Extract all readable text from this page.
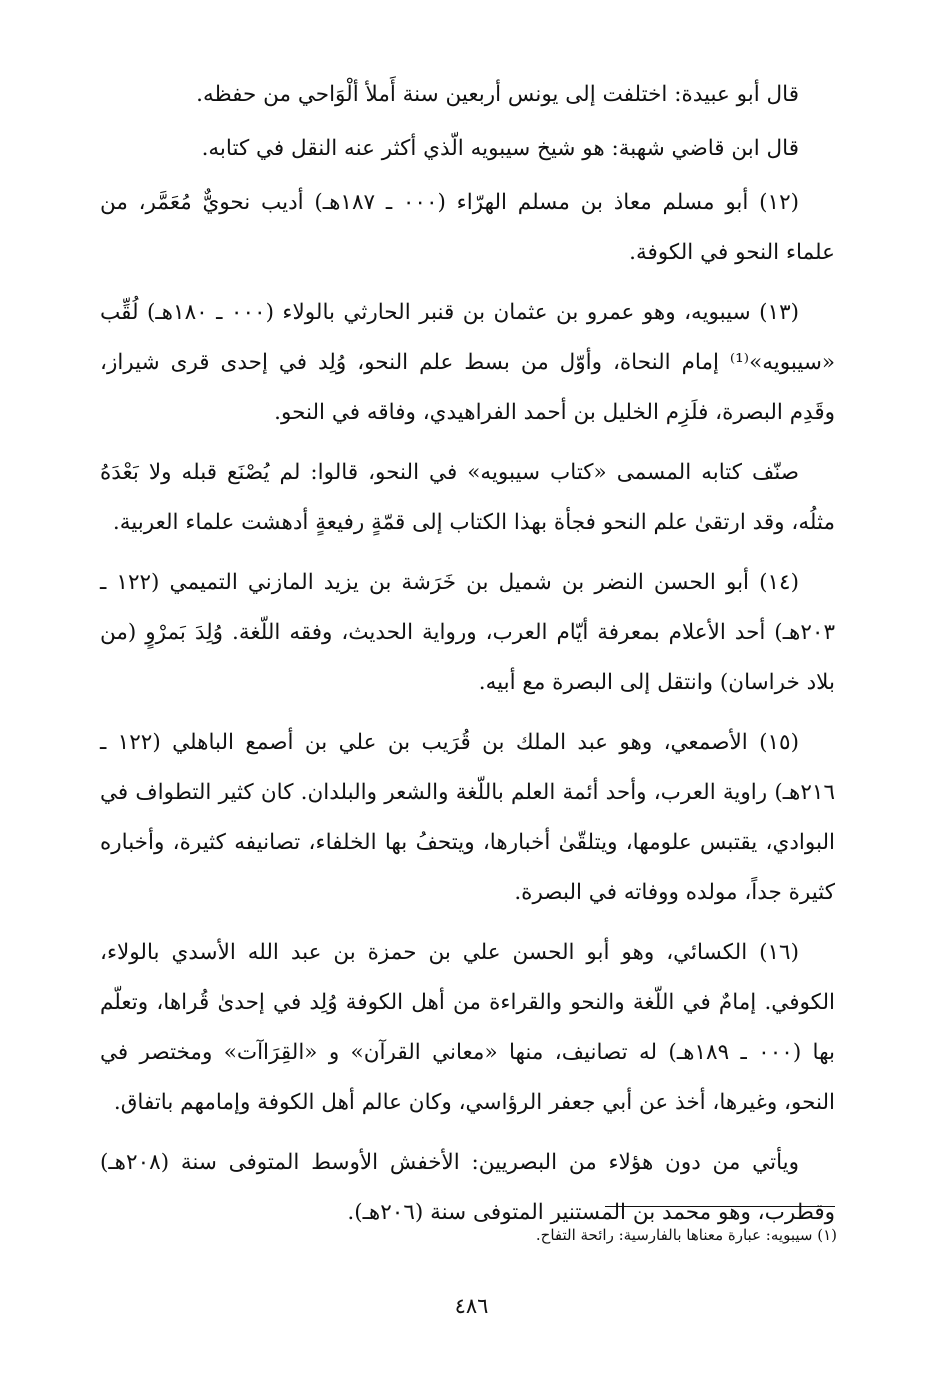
قال أبو عبيدة: اختلفت إلى يونس أربعين سنة أَملأ ألْوَاحي من حفظه.

قال ابن قاضي شهبة: هو شيخ سيبويه الّذي أكثر عنه النقل في كتابه.

(١٢) أبو مسلم معاذ بن مسلم الهرّاء (٠٠٠ ـ ١٨٧هـ) أديب نحويٌّ مُعَمَّر، من علماء النحو في الكوفة.

(١٣) سيبويه، وهو عمرو بن عثمان بن قنبر الحارثي بالولاء (٠٠٠ ـ ١٨٠هـ) لُقِّب «سيبويه»⁽¹⁾ إمام النحاة، وأوّل من بسط علم النحو، وُلِد في إحدى قرى شيراز، وقَدِم البصرة، فلَزِم الخليل بن أحمد الفراهيدي، وفاقه في النحو.

صنّف كتابه المسمى «كتاب سيبويه» في النحو، قالوا: لم يُصْنَع قبله ولا بَعْدَهُ مثلُه، وقد ارتقىٰ علم النحو فجأة بهذا الكتاب إلى قمّةٍ رفيعةٍ أدهشت علماء العربية.

(١٤) أبو الحسن النضر بن شميل بن خَرَشة بن يزيد المازني التميمي (١٢٢ ـ ٢٠٣هـ) أحد الأعلام بمعرفة أيّام العرب، ورواية الحديث، وفقه اللّغة. وُلِدَ بَمرْوٍ (من بلاد خراسان) وانتقل إلى البصرة مع أبيه.

(١٥) الأصمعي، وهو عبد الملك بن قُرَيب بن علي بن أصمع الباهلي (١٢٢ ـ ٢١٦هـ) راوية العرب، وأحد أئمة العلم باللّغة والشعر والبلدان. كان كثير التطواف في البوادي، يقتبس علومها، ويتلقّىٰ أخبارها، ويتحفُ بها الخلفاء، تصانيفه كثيرة، وأخباره كثيرة جداً، مولده ووفاته في البصرة.

(١٦) الكسائي، وهو أبو الحسن علي بن حمزة بن عبد الله الأسدي بالولاء، الكوفي. إمامٌ في اللّغة والنحو والقراءة من أهل الكوفة وُلِد في إحدىٰ قُراها، وتعلّم بها (٠٠٠ ـ ١٨٩هـ) له تصانيف، منها «معاني القرآن» و «القِرَاآت» ومختصر في النحو، وغيرها، أخذ عن أبي جعفر الرؤاسي، وكان عالم أهل الكوفة وإمامهم باتفاق.

ويأتي من دون هؤلاء من البصريين: الأخفش الأوسط المتوفى سنة (٢٠٨هـ) وقطرب، وهو محمد بن المستنير المتوفى سنة (٢٠٦هـ).

(١) سيبويه: عبارة معناها بالفارسية: رائحة التفاح.
٤٨٦
